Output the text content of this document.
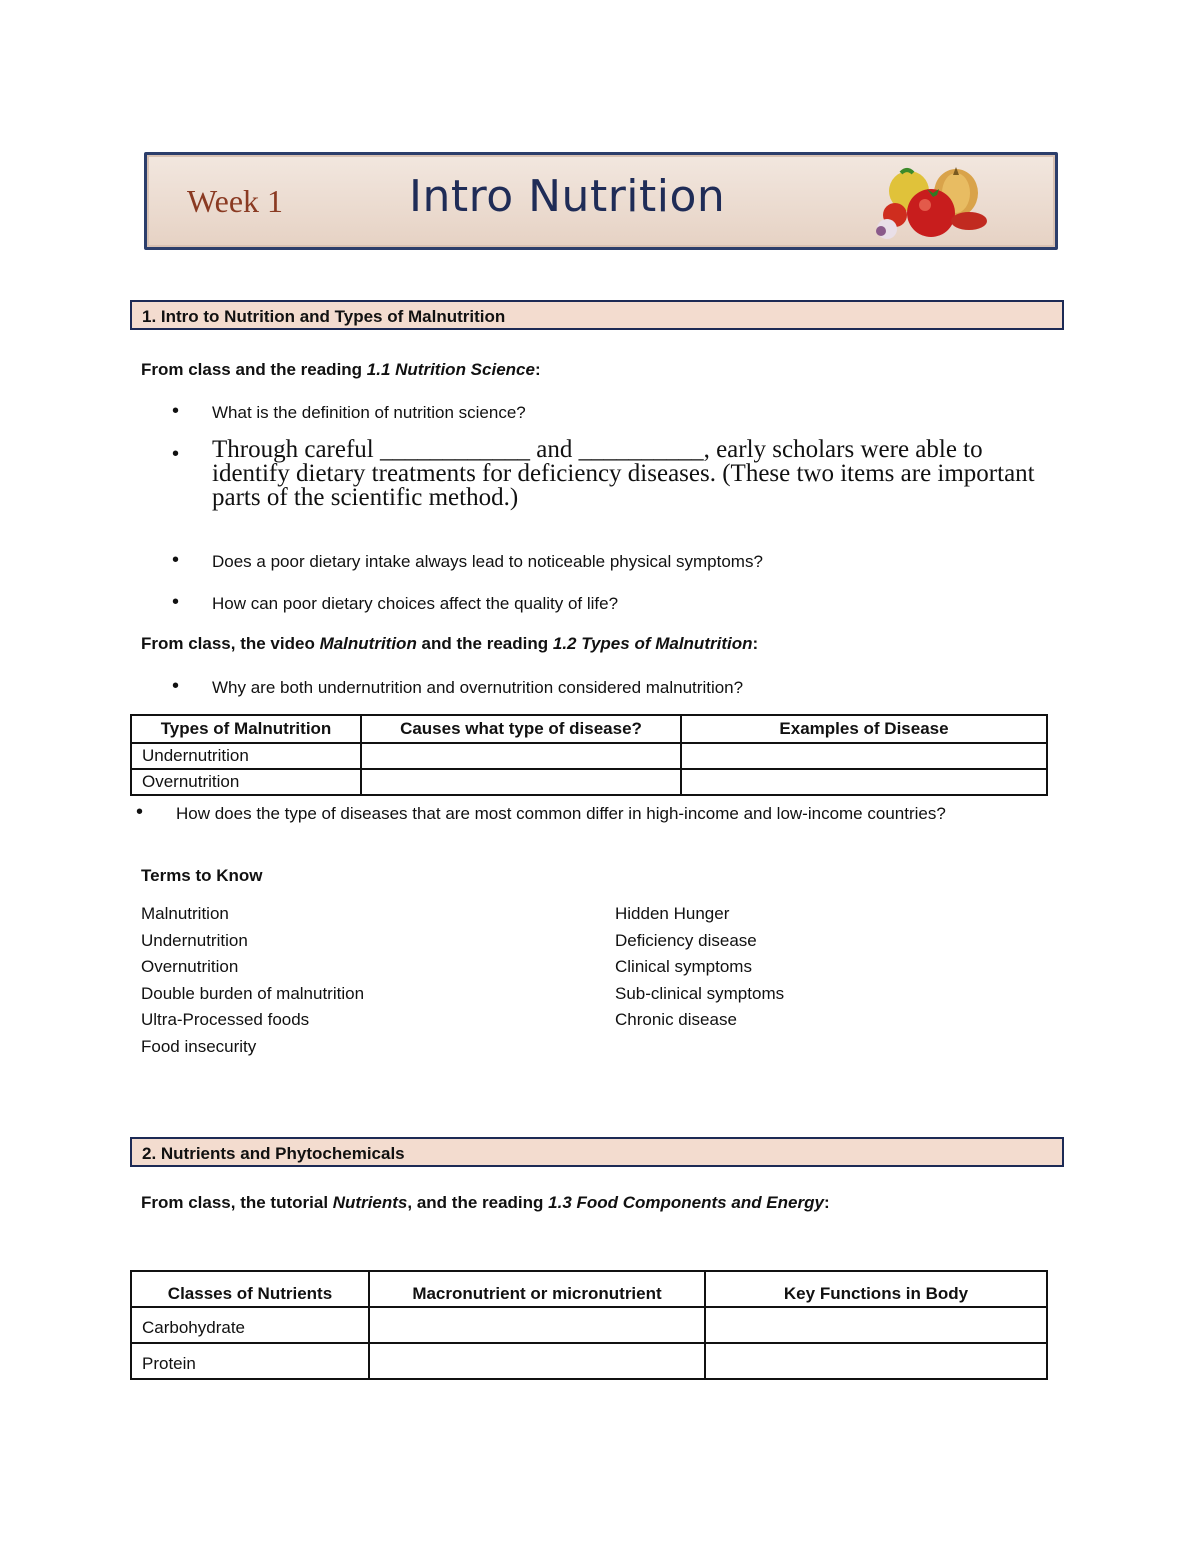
Week 1	Intro Nutrition
1. Intro to Nutrition and Types of Malnutrition
From class and the reading 1.1 Nutrition Science:
• What is the definition of nutrition science?
• Through careful ____________ and __________, early scholars were able to identify dietary treatments for deficiency diseases. (These two items are important parts of the scientific method.)
• Does a poor dietary intake always lead to noticeable physical symptoms?
• How can poor dietary choices affect the quality of life?
From class, the video Malnutrition and the reading 1.2 Types of Malnutrition:
• Why are both undernutrition and overnutrition considered malnutrition?
Types of Malnutrition	Causes what type of disease?	Examples of Disease
Undernutrition		
Overnutrition		
• How does the type of diseases that are most common differ in high-income and low-income countries?
Terms to Know
Malnutrition
Undernutrition
Overnutrition
Double burden of malnutrition
Ultra-Processed foods
Food insecurity
Hidden Hunger
Deficiency disease
Clinical symptoms
Sub-clinical symptoms
Chronic disease
2. Nutrients and Phytochemicals
From class, the tutorial Nutrients, and the reading 1.3 Food Components and Energy:
Classes of Nutrients	Macronutrient or micronutrient	Key Functions in Body
Carbohydrate		
Protein		
